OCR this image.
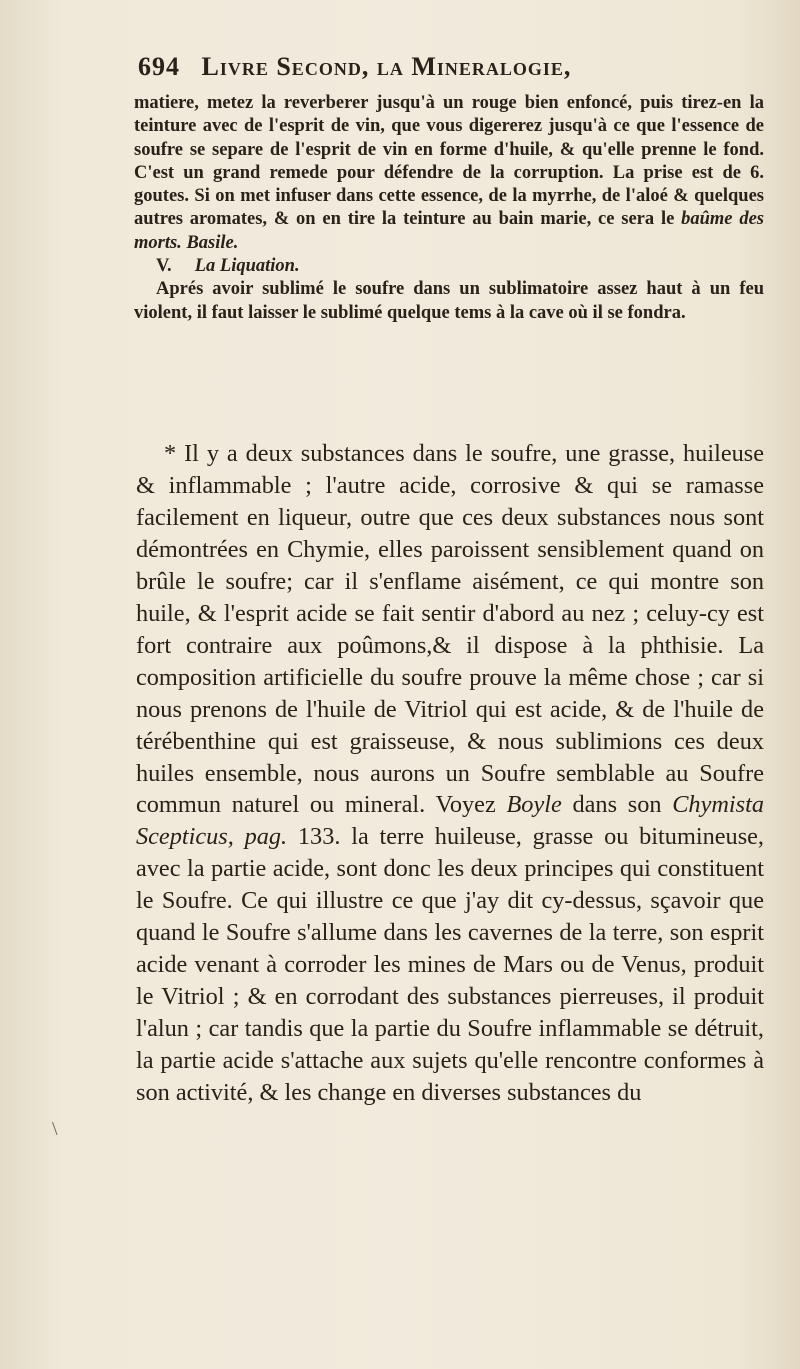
694 Livre Second, la Mineralogie,

matiere, metez la reverberer jusqu'à un rouge bien enfoncé, puis tirez-en la teinture avec de l'esprit de vin, que vous digererez jusqu'à ce que l'essence de soufre se separe de l'esprit de vin en forme d'huile, & qu'elle prenne le fond. C'est un grand remede pour défendre de la corruption. La prise est de 6. goutes. Si on met infuser dans cette essence, de la myrrhe, de l'aloé & quelques autres aromates, & on en tire la teinture au bain marie, ce sera le baûme des morts. Basile.

V. La Liquation.

Aprés avoir sublimé le soufre dans un sublimatoire assez haut à un feu violent, il faut laisser le sublimé quelque tems à la cave où il se fondra.

* Il y a deux substances dans le soufre, une grasse, huileuse & inflammable ; l'autre acide, corrosive & qui se ramasse facilement en liqueur, outre que ces deux substances nous sont démontrées en Chymie, elles paroissent sensiblement quand on brûle le soufre; car il s'enflame aisément, ce qui montre son huile, & l'esprit acide se fait sentir d'abord au nez ; celuy-cy est fort contraire aux poûmons,& il dispose à la phthisie. La composition artificielle du soufre prouve la même chose ; car si nous prenons de l'huile de Vitriol qui est acide, & de l'huile de térébenthine qui est graisseuse, & nous sublimions ces deux huiles ensemble, nous aurons un Soufre semblable au Soufre commun naturel ou mineral. Voyez Boyle dans son Chymista Scepticus, pag. 133. la terre huileuse, grasse ou bitumineuse, avec la partie acide, sont donc les deux principes qui constituent le Soufre. Ce qui illustre ce que j'ay dit cy-dessus, sçavoir que quand le Soufre s'allume dans les cavernes de la terre, son esprit acide venant à corroder les mines de Mars ou de Venus, produit le Vitriol ; & en corrodant des substances pierreuses, il produit l'alun ; car tandis que la partie du Soufre inflammable se détruit, la partie acide s'attache aux sujets qu'elle rencontre conformes à son activité, & les change en diverses substances du

\
